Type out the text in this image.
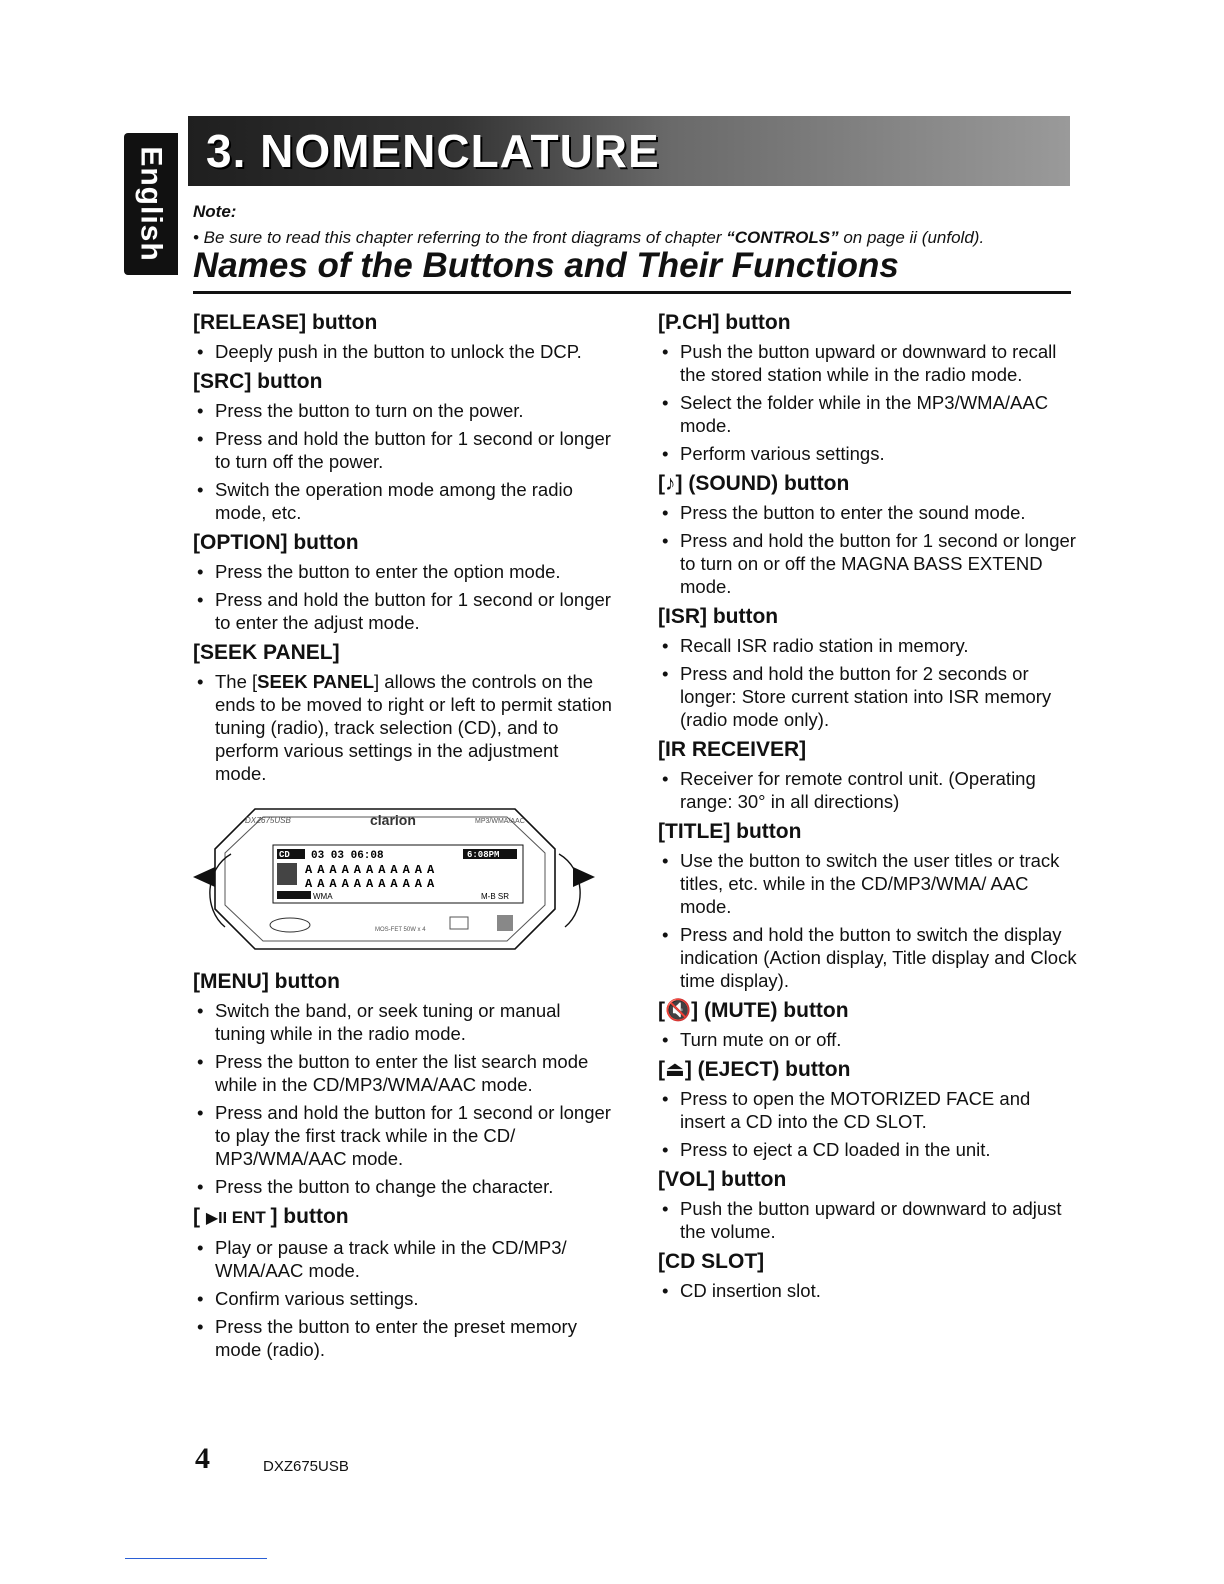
English 3. NOMENCLATURE
Note:
• Be sure to read this chapter referring to the front diagrams of chapter “CONTROLS” on page ii (unfold).
Names of the Buttons and Their Functions
[RELEASE] button
• Deeply push in the button to unlock the DCP.
[SRC] button
• Press the button to turn on the power.
• Press and hold the button for 1 second or longer to turn off the power.
• Switch the operation mode among the radio mode, etc.
[OPTION] button
• Press the button to enter the option mode.
• Press and hold the button for 1 second or longer to enter the adjust mode.
[SEEK PANEL]
• The [SEEK PANEL] allows the controls on the ends to be moved to right or left to permit station tuning (radio), track selection (CD), and to perform various settings in the adjustment mode.
CD 03 03 06:08	6:08PM
AAAAAAAAAAA
AAAAAAAAAAA
WMA	M-B SR
DXZ675USB	clarion	MP3/WMA/AAC
MOS-FET 50W x 4
[MENU] button
• Switch the band, or seek tuning or manual tuning while in the radio mode.
• Press the button to enter the list search mode while in the CD/MP3/WMA/AAC mode.
• Press and hold the button for 1 second or longer to play the first track while in the CD/ MP3/WMA/AAC mode.
• Press the button to change the character.
[ ▶II ENT ] button
• Play or pause a track while in the CD/MP3/ WMA/AAC mode.
• Confirm various settings.
• Press the button to enter the preset memory mode (radio).
[P.CH] button
• Push the button upward or downward to recall the stored station while in the radio mode.
• Select the folder while in the MP3/WMA/AAC mode.
• Perform various settings.
[♪] (SOUND) button
• Press the button to enter the sound mode.
• Press and hold the button for 1 second or longer to turn on or off the MAGNA BASS EXTEND mode.
[ISR] button
• Recall ISR radio station in memory.
• Press and hold the button for 2 seconds or longer: Store current station into ISR memory (radio mode only).
[IR RECEIVER]
• Receiver for remote control unit. (Operating range: 30° in all directions)
[TITLE] button
• Use the button to switch the user titles or track titles, etc. while in the CD/MP3/WMA/ AAC mode.
• Press and hold the button to switch the display indication (Action display, Title display and Clock time display).
[🔇] (MUTE) button
• Turn mute on or off.
[⏏] (EJECT) button
• Press to open the MOTORIZED FACE and insert a CD into the CD SLOT.
• Press to eject a CD loaded in the unit.
[VOL] button
• Push the button upward or downward to adjust the volume.
[CD SLOT]
• CD insertion slot.
4	DXZ675USB
